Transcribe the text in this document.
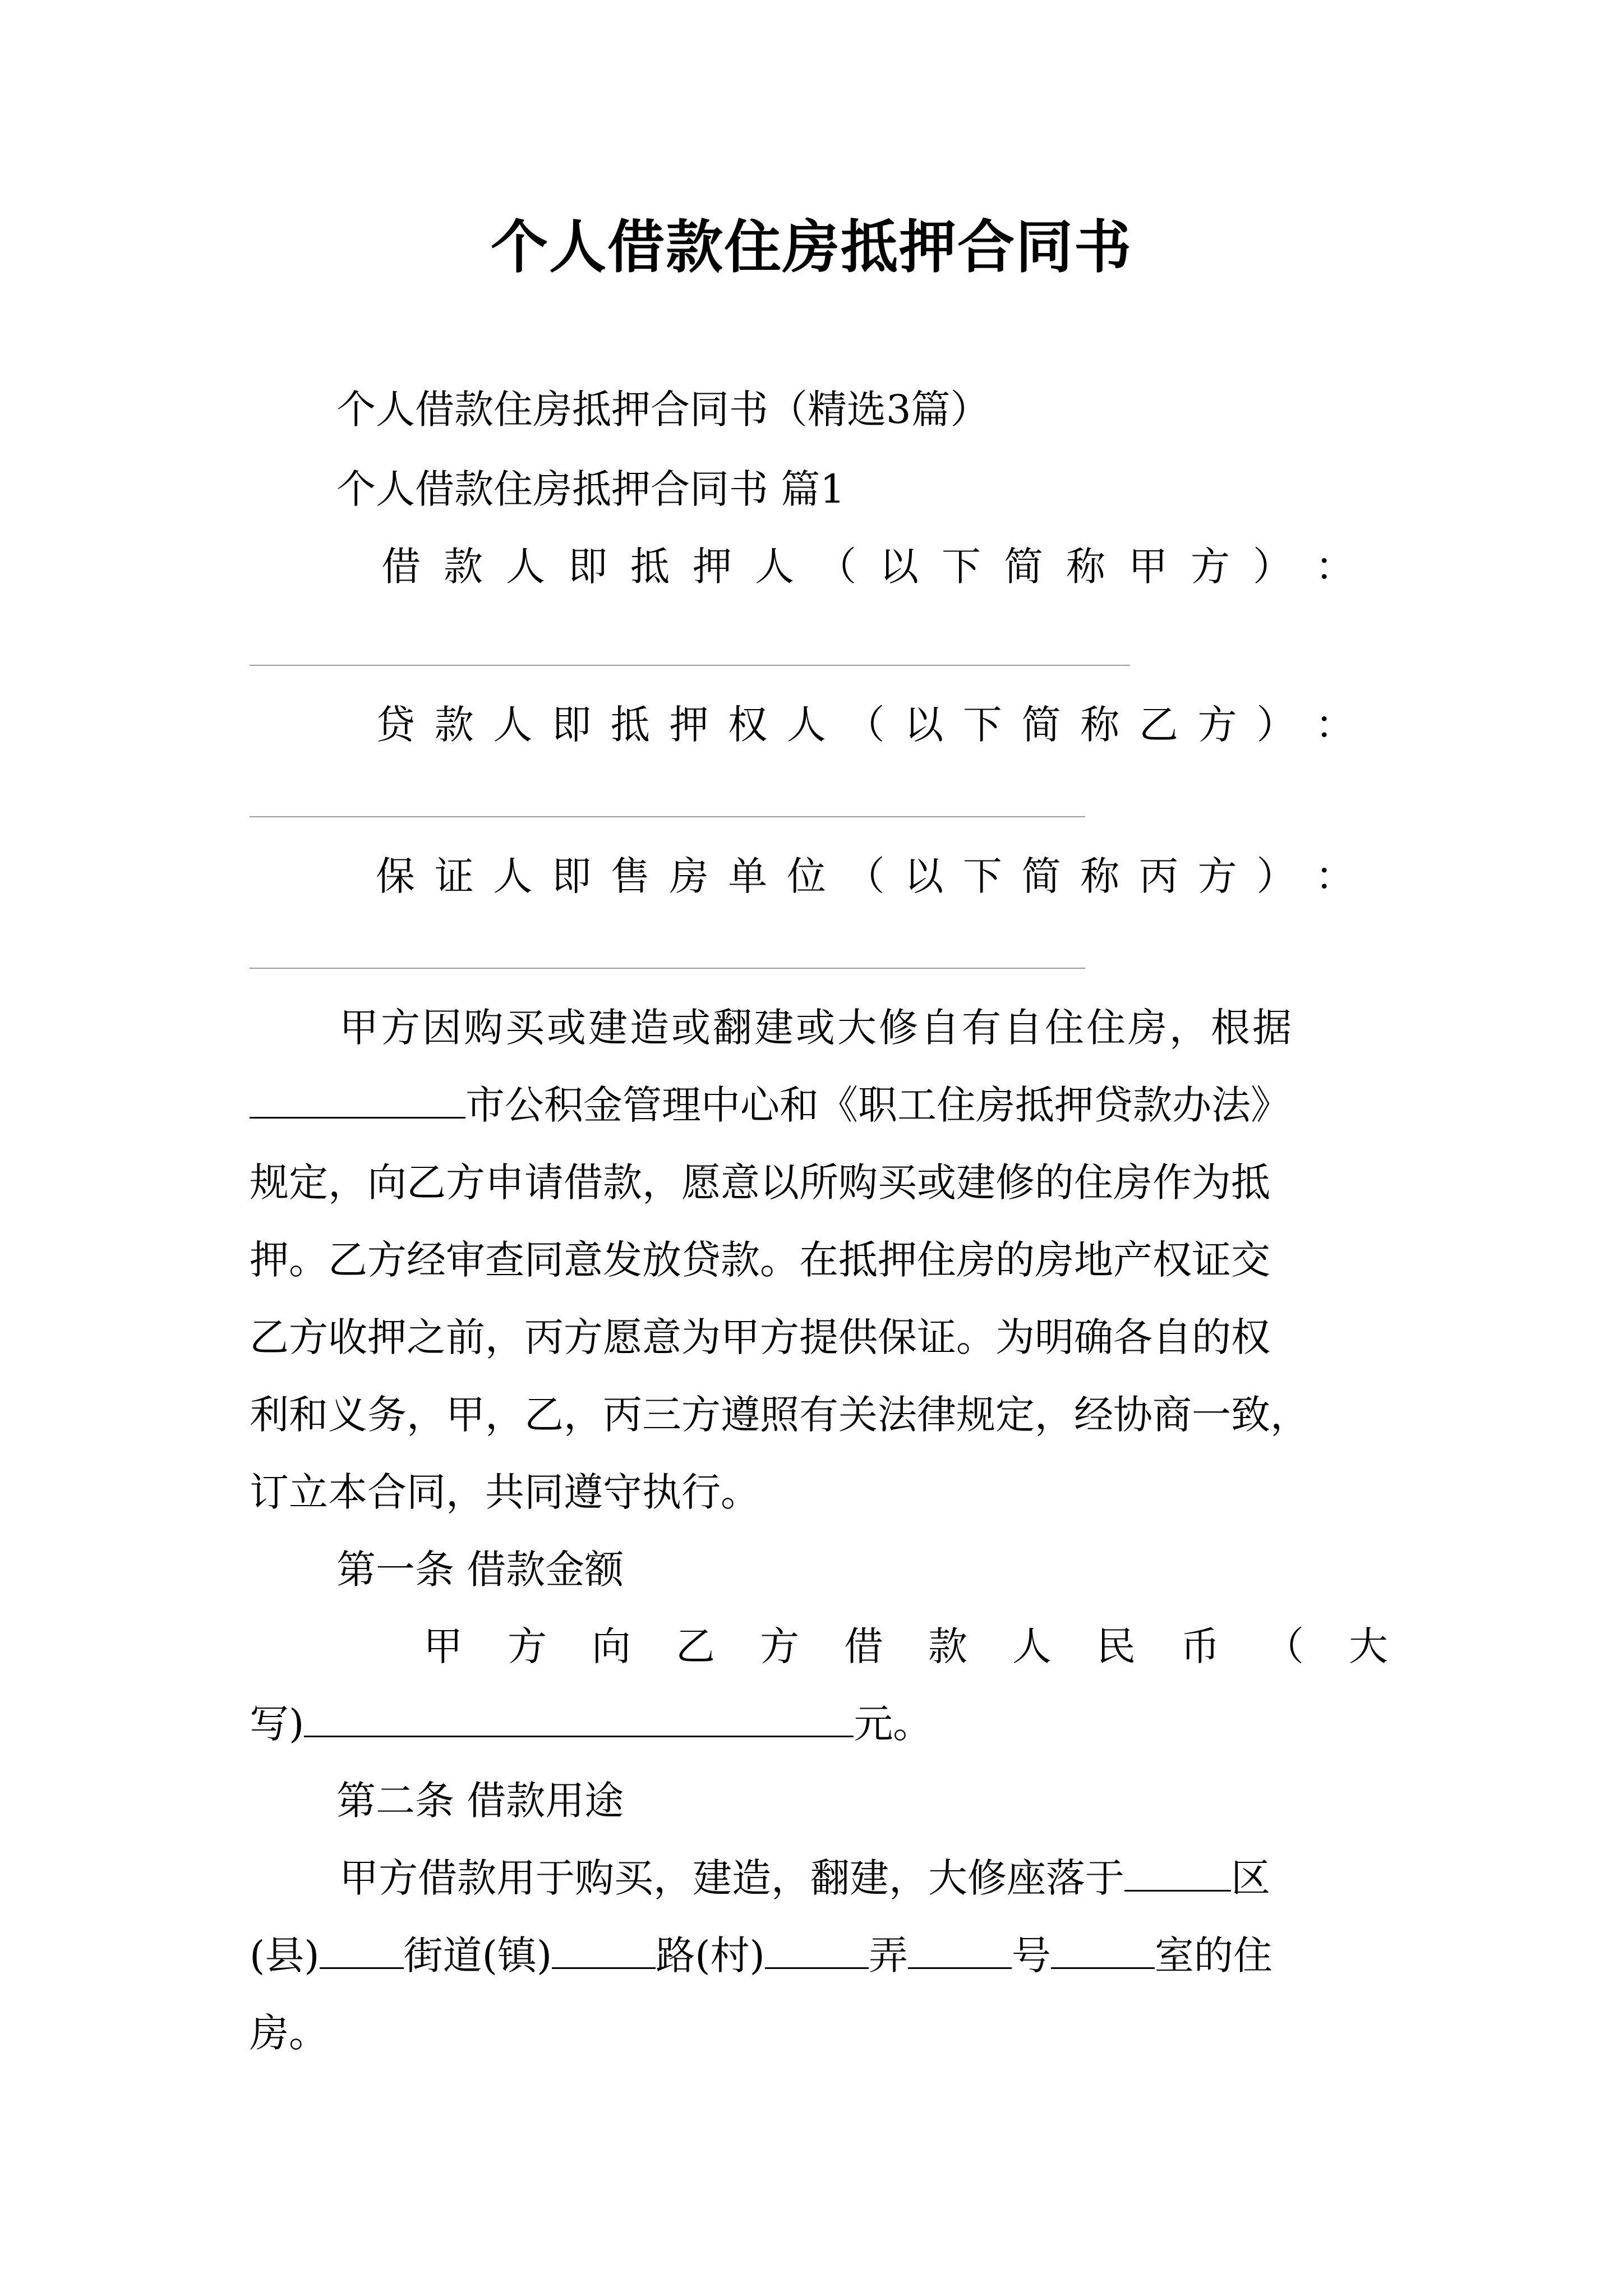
个人借款住房抵押合同书
个人借款住房抵押合同书（精选3篇）
个人借款住房抵押合同书 篇1
借 款 人 即 抵 押 人 （ 以 下 简 称 甲 方 ） ：
贷 款 人 即 抵 押 权 人 （ 以 下 简 称 乙 方 ） ：
保 证 人 即 售 房 单 位 （ 以 下 简 称 丙 方 ） ：
甲方因购买或建造或翻建或大修自有自住住房，根据
市公积金管理中心和《职工住房抵押贷款办法》
规定，向乙方申请借款，愿意以所购买或建修的住房作为抵
押。乙方经审查同意发放贷款。在抵押住房的房地产权证交
乙方收押之前，丙方愿意为甲方提供保证。为明确各自的权
利和义务，甲，乙，丙三方遵照有关法律规定，经协商一致，
订立本合同，共同遵守执行。
第一条 借款金额
甲 方 向 乙 方 借 款 人 民 币 （ 大
写)	元。
第二条 借款用途
甲方借款用于购买，建造，翻建，大修座落于	区
(县) 街道(镇)	路(村)	弄	号	室的住
房。
